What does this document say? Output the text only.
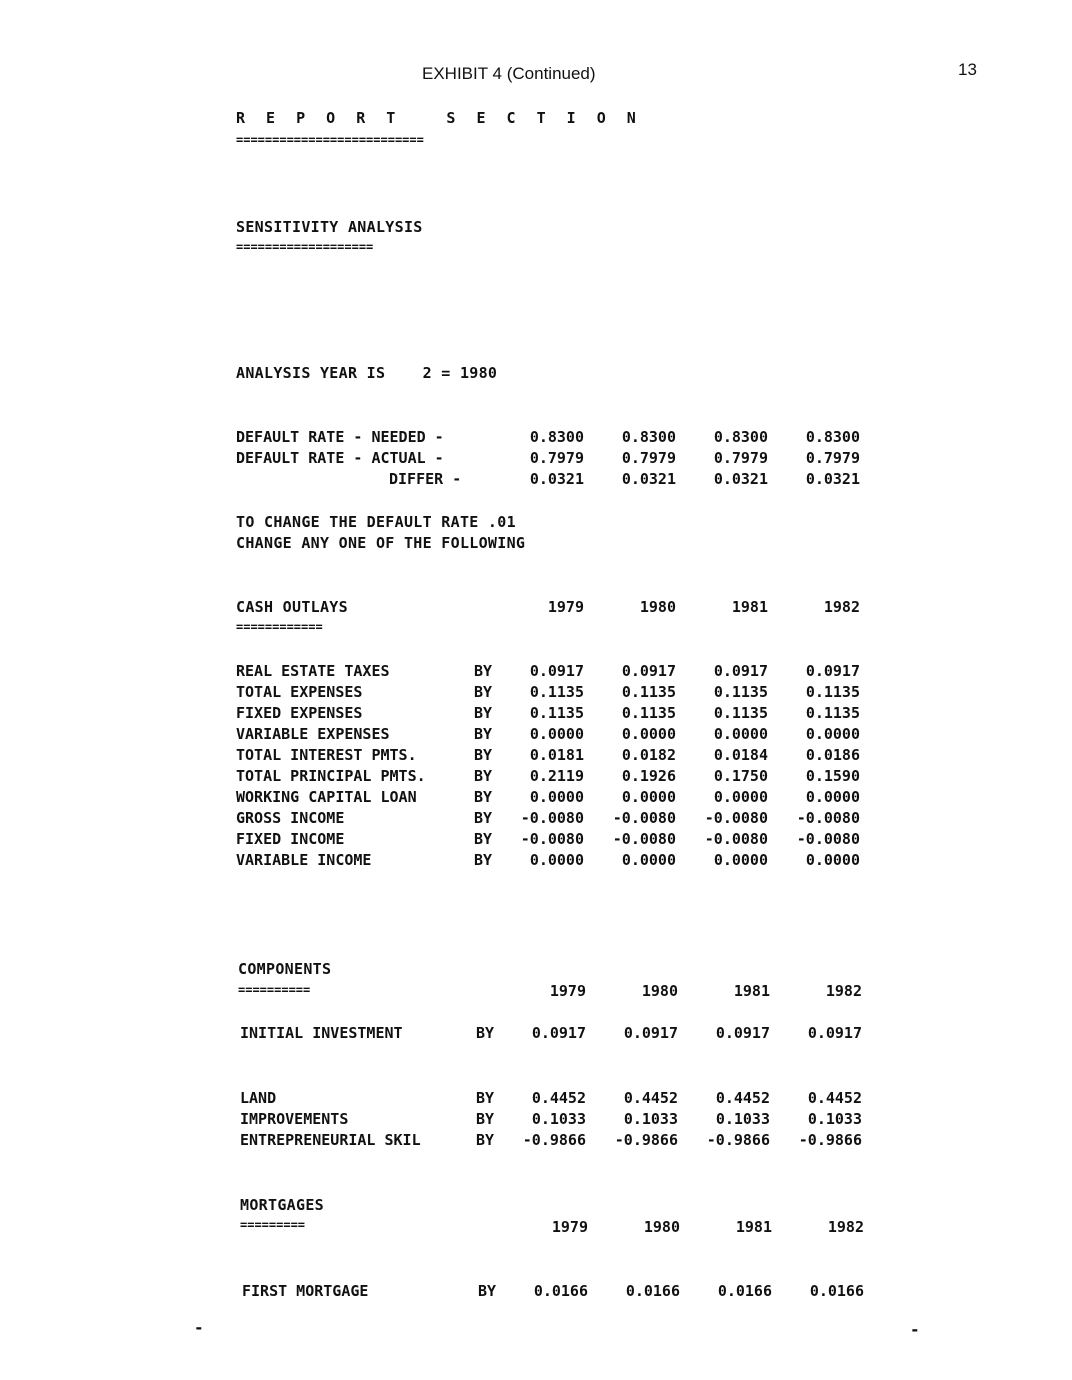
EXHIBIT 4 (Continued)	13
R E P O R T   S E C T I O N
==========================
SENSITIVITY ANALYSIS
===================
ANALYSIS YEAR IS    2 = 1980
DEFAULT RATE - NEEDED -	0.8300	0.8300	0.8300	0.8300
DEFAULT RATE - ACTUAL -	0.7979	0.7979	0.7979	0.7979
DIFFER -	0.0321	0.0321	0.0321	0.0321
TO CHANGE THE DEFAULT RATE .01
CHANGE ANY ONE OF THE FOLLOWING
CASH OUTLAYS
============
1979	1980	1981	1982
REAL ESTATE TAXES	BY	0.0917	0.0917	0.0917	0.0917
TOTAL EXPENSES	BY	0.1135	0.1135	0.1135	0.1135
FIXED EXPENSES	BY	0.1135	0.1135	0.1135	0.1135
VARIABLE EXPENSES	BY	0.0000	0.0000	0.0000	0.0000
TOTAL INTEREST PMTS.	BY	0.0181	0.0182	0.0184	0.0186
TOTAL PRINCIPAL PMTS.	BY	0.2119	0.1926	0.1750	0.1590
WORKING CAPITAL LOAN	BY	0.0000	0.0000	0.0000	0.0000
GROSS INCOME	BY	-0.0080	-0.0080	-0.0080	-0.0080
FIXED INCOME	BY	-0.0080	-0.0080	-0.0080	-0.0080
VARIABLE INCOME	BY	0.0000	0.0000	0.0000	0.0000
COMPONENTS
==========	1979	1980	1981	1982
INITIAL INVESTMENT	BY	0.0917	0.0917	0.0917	0.0917
LAND	BY	0.4452	0.4452	0.4452	0.4452
IMPROVEMENTS	BY	0.1033	0.1033	0.1033	0.1033
ENTREPRENEURIAL SKIL	BY	-0.9866	-0.9866	-0.9866	-0.9866
MORTGAGES
=========	1979	1980	1981	1982
FIRST MORTGAGE	BY	0.0166	0.0166	0.0166	0.0166
-	-
